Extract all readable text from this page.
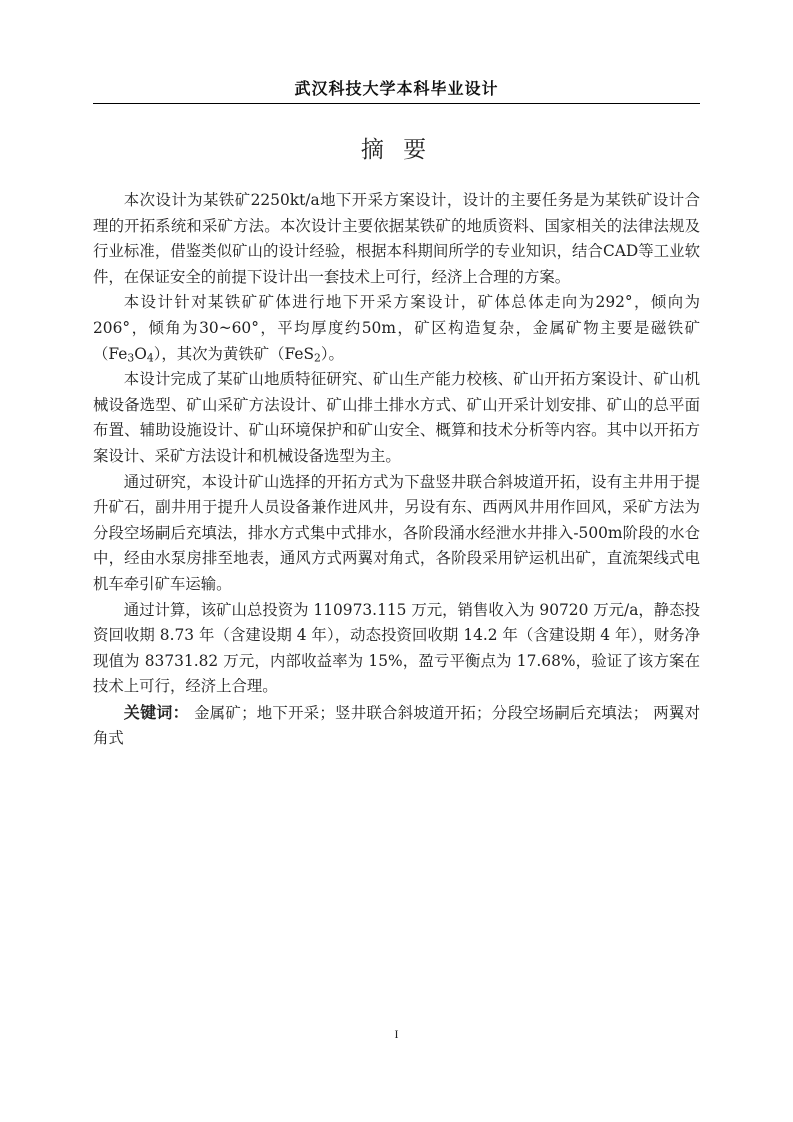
武汉科技大学本科毕业设计
摘 要

本次设计为某铁矿2250kt/a地下开采方案设计，设计的主要任务是为某铁矿设计合理的开拓系统和采矿方法。本次设计主要依据某铁矿的地质资料、国家相关的法律法规及行业标准，借鉴类似矿山的设计经验，根据本科期间所学的专业知识，结合CAD等工业软件，在保证安全的前提下设计出一套技术上可行，经济上合理的方案。

本设计针对某铁矿矿体进行地下开采方案设计，矿体总体走向为292°，倾向为206°，倾角为30~60°，平均厚度约50m，矿区构造复杂，金属矿物主要是磁铁矿$(Fe_3O_4)$，其次为黄铁矿（FeS$_2$）。

本设计完成了某矿山地质特征研究、矿山生产能力校核、矿山开拓方案设计、矿山机械设备选型、矿山采矿方法设计、矿山排土排水方式、矿山开采计划安排、矿山的总平面布置、辅助设施设计、矿山环境保护和矿山安全、概算和技术分析等内容。其中以开拓方案设计、采矿方法设计和机械设备选型为主。

通过研究，本设计矿山选择的开拓方式为下盘竖井联合斜坡道开拓，设有主井用于提升矿石，副井用于提升人员设备兼作进风井，另设有东、西两风井用作回风，采矿方法为分段空场嗣后充填法，排水方式集中式排水，各阶段涌水经泄水井排入-500m阶段的水仓中，经由水泵房排至地表，通风方式两翼对角式，各阶段采用铲运机出矿，直流架线式电机车牵引矿车运输。

通过计算，该矿山总投资为 110973.115 万元，销售收入为 90720 万元/a，静态投资回收期 8.73 年（含建设期 4 年），动态投资回收期 14.2 年（含建设期 4 年），财务净现值为 83731.82 万元，内部收益率为 15%，盈亏平衡点为 17.68%，验证了该方案在技术上可行，经济上合理。

关键词： 金属矿；地下开采；竖井联合斜坡道开拓；分段空场嗣后充填法； 两翼对角式

I
